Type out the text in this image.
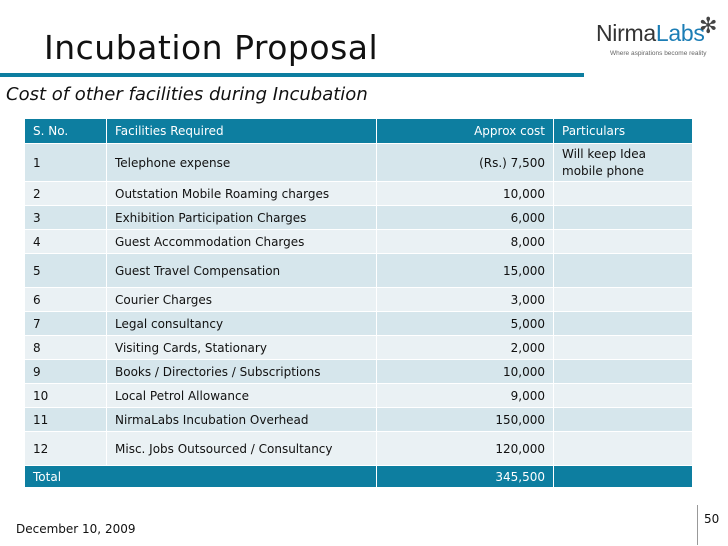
Incubation Proposal	NirmaLabs
✻
Where aspirations become reality
Cost of other facilities during Incubation
S. No.	Facilities Required	Approx cost	Particulars
1	Telephone expense	(Rs.) 7,500	Will keep Idea mobile phone
2	Outstation Mobile Roaming charges	10,000	
3	Exhibition Participation Charges	6,000	
4	Guest Accommodation Charges	8,000	
5	Guest Travel Compensation	15,000	
6	Courier Charges	3,000	
7	Legal consultancy	5,000	
8	Visiting Cards, Stationary	2,000	
9	Books / Directories / Subscriptions	10,000	
10	Local Petrol Allowance	9,000	
11	NirmaLabs Incubation Overhead	150,000	
12	Misc. Jobs Outsourced / Consultancy	120,000	
Total		345,500	
December 10, 2009
50
